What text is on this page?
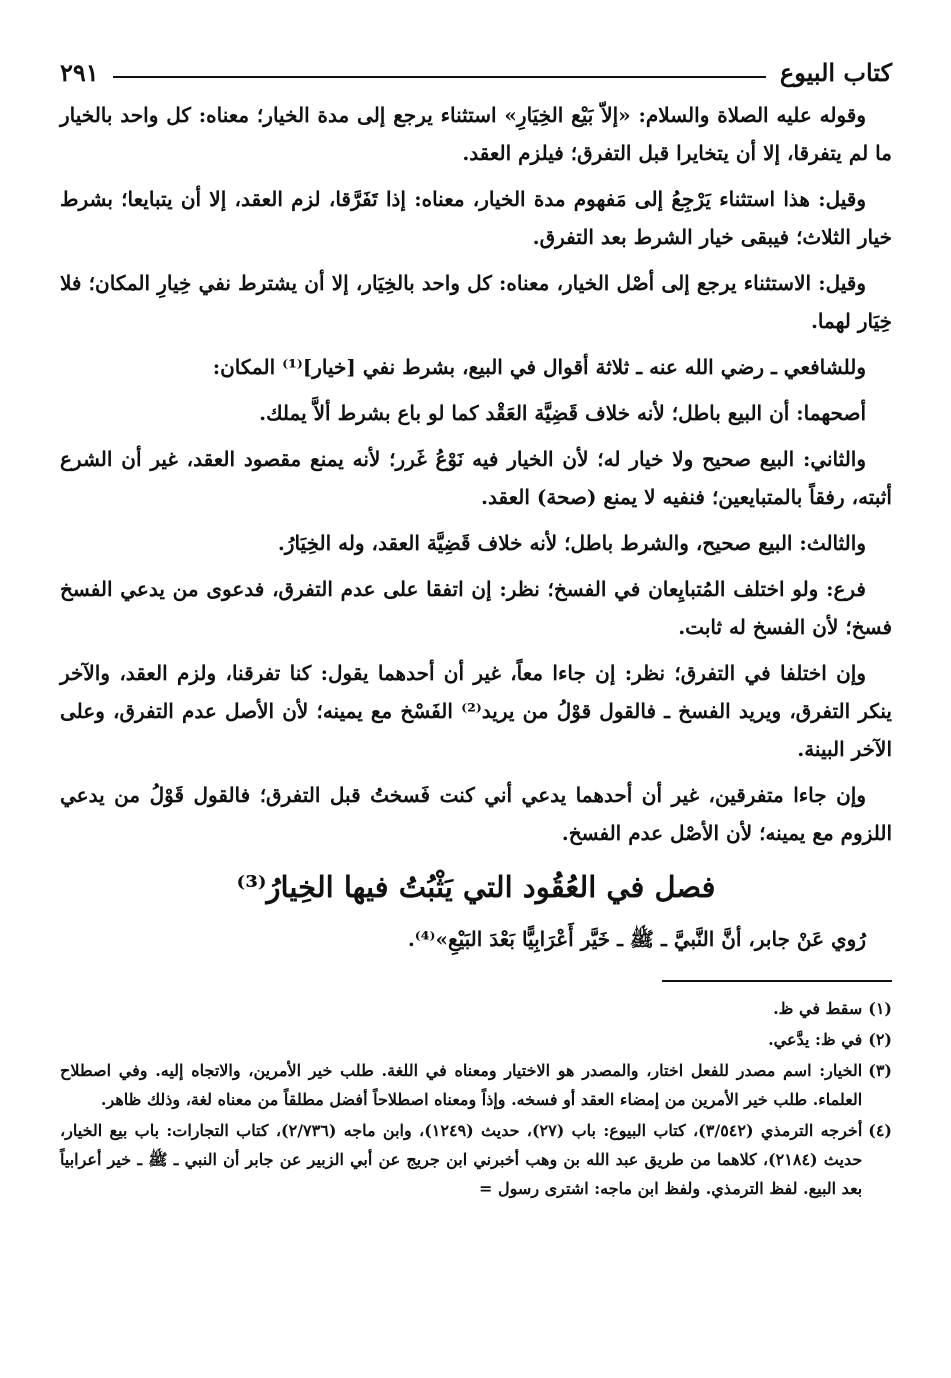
كتاب البيوع
٢٩١

وقوله عليه الصلاة والسلام: «إلاّ بَيْع الخِيَارِ» استثناء يرجع إلى مدة الخيار؛ معناه: كل واحد بالخيار ما لم يتفرقا، إلا أن يتخايرا قبل التفرق؛ فيلزم العقد.

وقيل: هذا استثناء يَرْجِعُ إلى مَفهوم مدة الخيار، معناه: إذا تَفَرَّقا، لزم العقد، إلا أن يتبايعا؛ بشرط خيار الثلاث؛ فيبقى خيار الشرط بعد التفرق.

وقيل: الاستثناء يرجع إلى أصْل الخيار، معناه: كل واحد بالخِيَار، إلا أن يشترط نفي خِيارِ المكان؛ فلا خِيَار لهما.

وللشافعي ـ رضي الله عنه ـ ثلاثة أقوال في البيع، بشرط نفي [خيار]⁽¹⁾ المكان:

أصحهما: أن البيع باطل؛ لأنه خلاف قَضِيَّة العَقْد كما لو باع بشرط ألاَّ يملك.

والثاني: البيع صحيح ولا خيار له؛ لأن الخيار فيه نَوْعُ غَرر؛ لأنه يمنع مقصود العقد، غير أن الشرع أثبته، رفقاً بالمتبايعين؛ فنفيه لا يمنع (صحة) العقد.

والثالث: البيع صحيح، والشرط باطل؛ لأنه خلاف قَضِيَّة العقد، وله الخِيَارُ.

فرع: ولو اختلف المُتبايِعان في الفسخ؛ نظر: إن اتفقا على عدم التفرق، فدعوى من يدعي الفسخ فسخ؛ لأن الفسخ له ثابت.

وإن اختلفا في التفرق؛ نظر: إن جاءا معاً، غير أن أحدهما يقول: كنا تفرقنا، ولزم العقد، والآخر ينكر التفرق، ويريد الفسخ ـ فالقول قوْلُ من يريد⁽²⁾ الفَسْخ مع يمينه؛ لأن الأصل عدم التفرق، وعلى الآخر البينة.

وإن جاءا متفرقين، غير أن أحدهما يدعي أني كنت فَسختُ قبل التفرق؛ فالقول قَوْلُ من يدعي اللزوم مع يمينه؛ لأن الأصْل عدم الفسخ.

فصل في العُقُود التي يَثْبُتُ فيها الخِيارُ⁽³⁾

رُوي عَنْ جابر، أنَّ النَّبيَّ ـ ﷺ ـ خَيَّر أَعْرَابِيًّا بَعْدَ البَيْعِ»⁽⁴⁾.

(١)
سقط في ظ.
(٢)
في ظ: يدَّعي.
(٣)
الخيار: اسم مصدر للفعل اختار، والمصدر هو الاختيار ومعناه في اللغة. طلب خير الأمرين، والاتجاه إليه. وفي اصطلاح العلماء. طلب خير الأمرين من إمضاء العقد أو فسخه. وإذاً ومعناه اصطلاحاً أفضل مطلقاً من معناه لغة، وذلك ظاهر.
(٤)
أخرجه الترمذي (٣/٥٤٢)، كتاب البيوع: باب (٢٧)، حديث (١٢٤٩)، وابن ماجه (٢/٧٣٦)، كتاب التجارات: باب بيع الخيار، حديث (٢١٨٤)، كلاهما من طريق عبد الله بن وهب أخبرني ابن جريج عن أبي الزبير عن جابر أن النبي ـ ﷺ ـ خير أعرابياً بعد البيع. لفظ الترمذي. ولفظ ابن ماجه: اشترى رسول =
